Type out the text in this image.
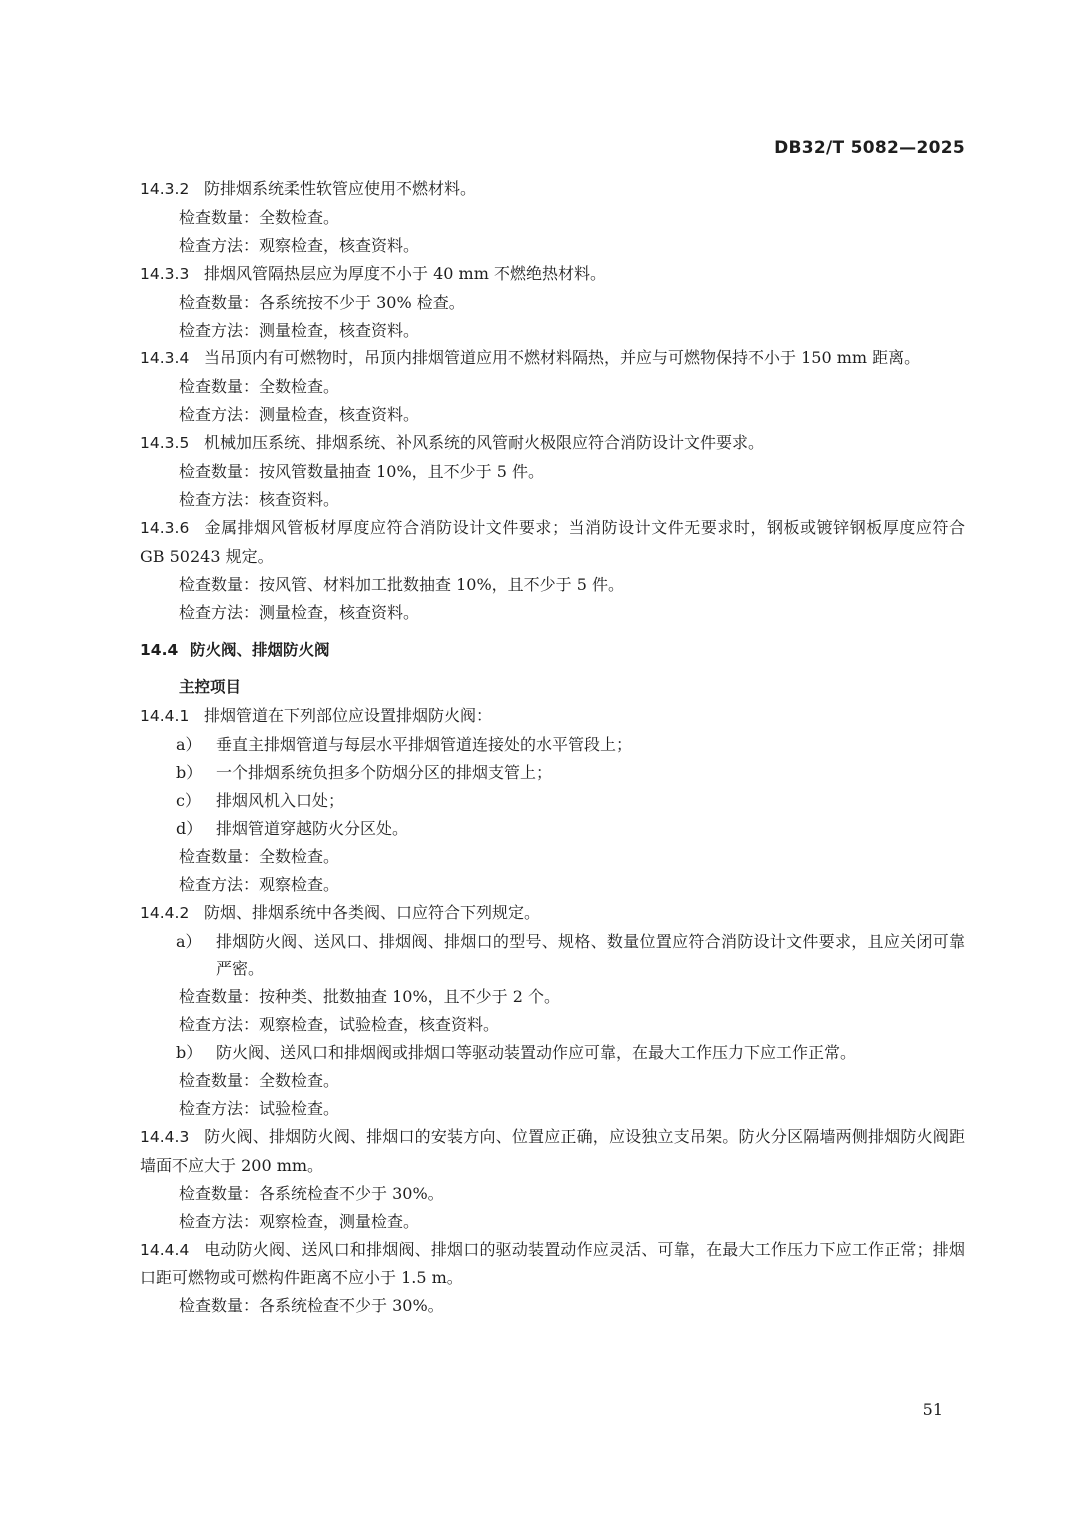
DB32/T 5082—2025
14.3.2 防排烟系统柔性软管应使用不燃材料。
检查数量：全数检查。
检查方法：观察检查，核查资料。
14.3.3 排烟风管隔热层应为厚度不小于 40 mm 不燃绝热材料。
检查数量：各系统按不少于 30% 检查。
检查方法：测量检查，核查资料。
14.3.4 当吊顶内有可燃物时，吊顶内排烟管道应用不燃材料隔热，并应与可燃物保持不小于 150 mm 距离。
检查数量：全数检查。
检查方法：测量检查，核查资料。
14.3.5 机械加压系统、排烟系统、补风系统的风管耐火极限应符合消防设计文件要求。
检查数量：按风管数量抽查 10%，且不少于 5 件。
检查方法：核查资料。
14.3.6 金属排烟风管板材厚度应符合消防设计文件要求；当消防设计文件无要求时，钢板或镀锌钢板厚度应符合 GB 50243 规定。
检查数量：按风管、材料加工批数抽查 10%，且不少于 5 件。
检查方法：测量检查，核查资料。
14.4 防火阀、排烟防火阀
主控项目
14.4.1 排烟管道在下列部位应设置排烟防火阀：
a） 垂直主排烟管道与每层水平排烟管道连接处的水平管段上；
b） 一个排烟系统负担多个防烟分区的排烟支管上；
c） 排烟风机入口处；
d） 排烟管道穿越防火分区处。
检查数量：全数检查。
检查方法：观察检查。
14.4.2 防烟、排烟系统中各类阀、口应符合下列规定。
a） 排烟防火阀、送风口、排烟阀、排烟口的型号、规格、数量位置应符合消防设计文件要求，且应关闭可靠严密。
检查数量：按种类、批数抽查 10%，且不少于 2 个。
检查方法：观察检查，试验检查，核查资料。
b） 防火阀、送风口和排烟阀或排烟口等驱动装置动作应可靠，在最大工作压力下应工作正常。
检查数量：全数检查。
检查方法：试验检查。
14.4.3 防火阀、排烟防火阀、排烟口的安装方向、位置应正确，应设独立支吊架。防火分区隔墙两侧排烟防火阀距墙面不应大于 200 mm。
检查数量：各系统检查不少于 30%。
检查方法：观察检查，测量检查。
14.4.4 电动防火阀、送风口和排烟阀、排烟口的驱动装置动作应灵活、可靠，在最大工作压力下应工作正常；排烟口距可燃物或可燃构件距离不应小于 1.5 m。
检查数量：各系统检查不少于 30%。
51
